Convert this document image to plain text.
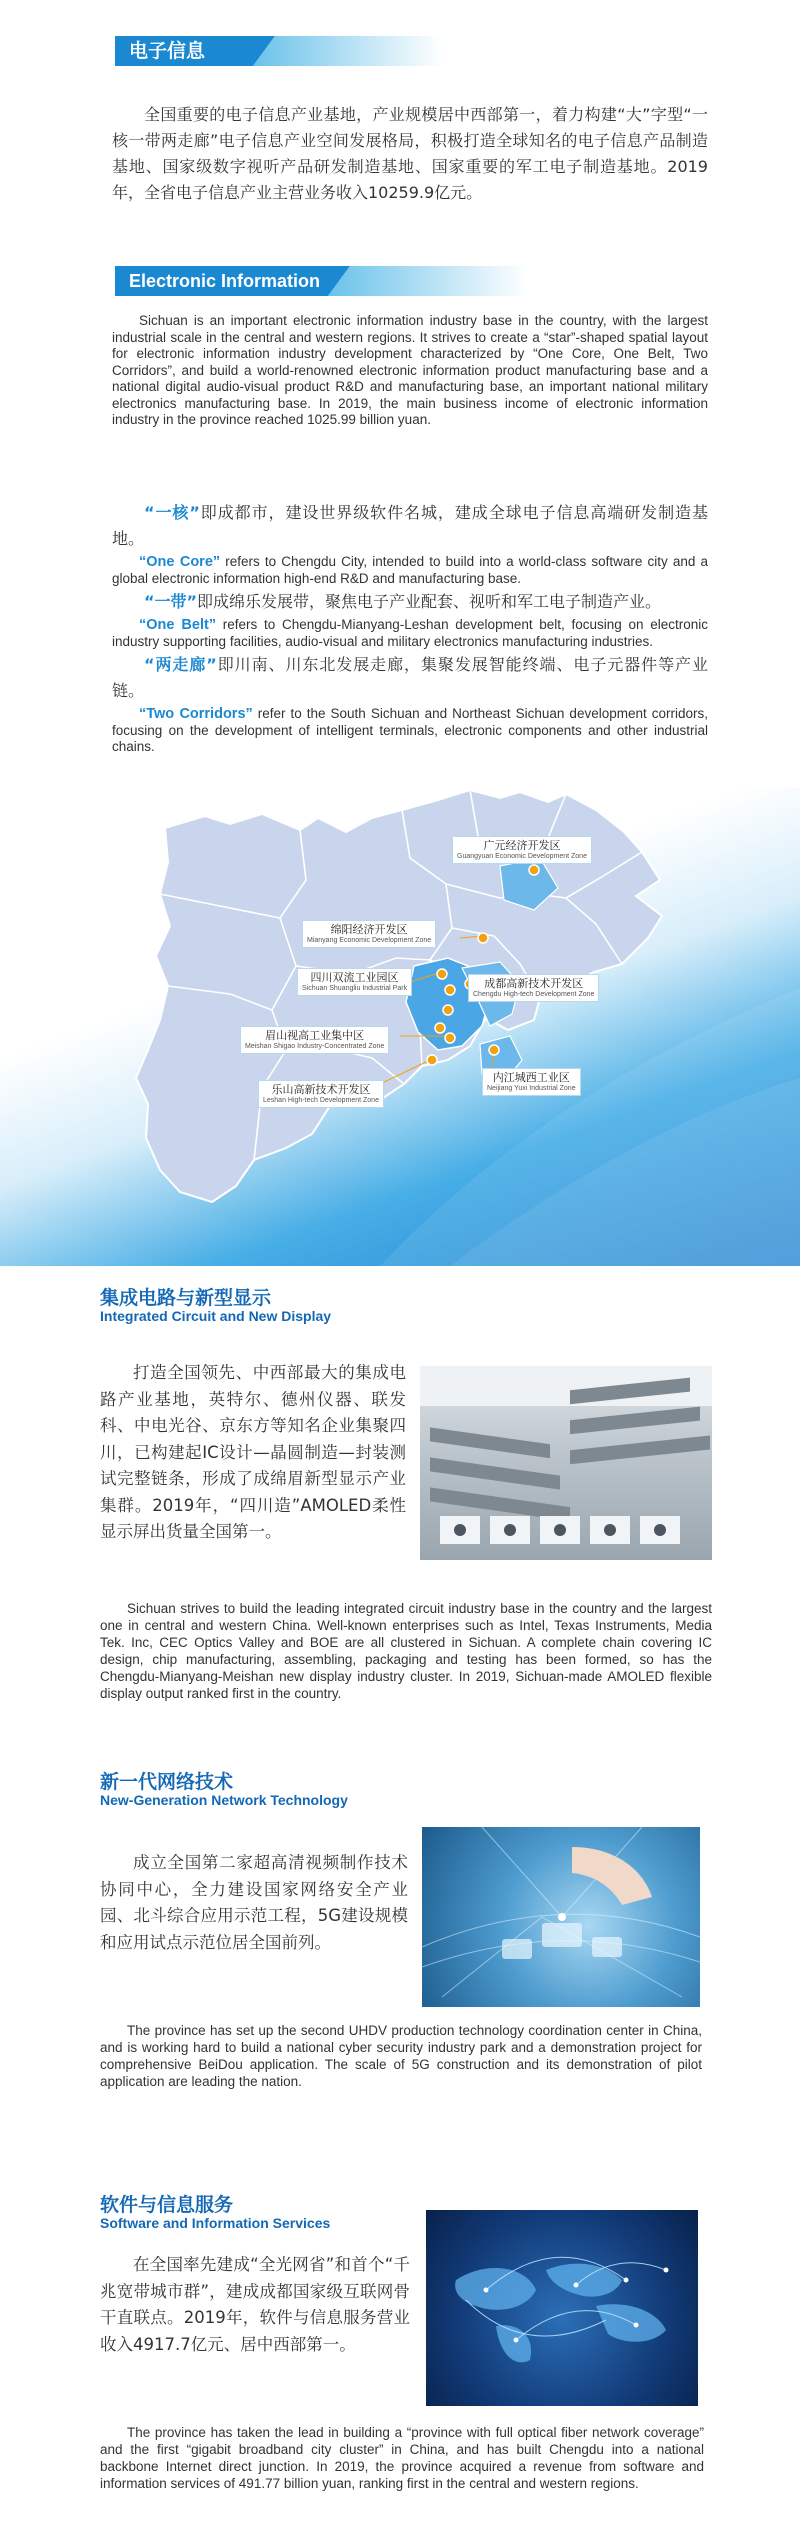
电子信息

全国重要的电子信息产业基地，产业规模居中西部第一，着力构建“大”字型“一核一带两走廊”电子信息产业空间发展格局，积极打造全球知名的电子信息产品制造基地、国家级数字视听产品研发制造基地、国家重要的军工电子制造基地。2019年，全省电子信息产业主营业务收入10259.9亿元。

Electronic Information

Sichuan is an important electronic information industry base in the country, with the largest industrial scale in the central and western regions. It strives to create a “star”-shaped spatial layout for electronic information industry development characterized by “One Core, One Belt, Two Corridors”, and build a world-renowned electronic information product manufacturing base and a national digital audio-visual product R&D and manufacturing base, an important national military electronics manufacturing base. In 2019, the main business income of electronic information industry in the province reached 1025.99 billion yuan.

“一核”即成都市，建设世界级软件名城，建成全球电子信息高端研发制造基地。

“One Core” refers to Chengdu City, intended to build into a world-class software city and a global electronic information high-end R&D and manufacturing base.

“一带”即成绵乐发展带，聚焦电子产业配套、视听和军工电子制造产业。

“One Belt” refers to Chengdu-Mianyang-Leshan development belt, focusing on electronic industry supporting facilities, audio-visual and military electronics manufacturing industries.

“两走廊”即川南、川东北发展走廊，集聚发展智能终端、电子元器件等产业链。

“Two Corridors” refer to the South Sichuan and Northeast Sichuan development corridors, focusing on the development of intelligent terminals, electronic components and other industrial chains.

广元经济开发区
Guangyuan Economic Development Zone
绵阳经济开发区
Mianyang Economic Development Zone
四川双流工业园区
Sichuan Shuangliu Industrial Park	成都高新技术开发区
Chengdu High-tech Development Zone
眉山视高工业集中区
Meishan Shigao Industry-Concentrated Zone
内江城西工业区
Neijiang Yuxi Industrial Zone
乐山高新技术开发区
Leshan High-tech Development Zone
集成电路与新型显示
Integrated Circuit and New Display

打造全国领先、中西部最大的集成电路产业基地，英特尔、德州仪器、联发科、中电光谷、京东方等知名企业集聚四川，已构建起IC设计—晶圆制造—封装测试完整链条，形成了成绵眉新型显示产业集群。2019年，“四川造”AMOLED柔性显示屏出货量全国第一。

Sichuan strives to build the leading integrated circuit industry base in the country and the largest one in central and western China. Well-known enterprises such as Intel, Texas Instruments, Media Tek. Inc, CEC Optics Valley and BOE are all clustered in Sichuan. A complete chain covering IC design, chip manufacturing, assembling, packaging and testing has been formed, so has the Chengdu-Mianyang-Meishan new display industry cluster. In 2019, Sichuan-made AMOLED flexible display output ranked first in the country.

新一代网络技术
New-Generation Network Technology

成立全国第二家超高清视频制作技术协同中心，全力建设国家网络安全产业园、北斗综合应用示范工程，5G建设规模和应用试点示范位居全国前列。

The province has set up the second UHDV production technology coordination center in China, and is working hard to build a national cyber security industry park and a demonstration project for comprehensive BeiDou application. The scale of 5G construction and its demonstration of pilot application are leading the nation.

软件与信息服务
Software and Information Services

在全国率先建成“全光网省”和首个“千兆宽带城市群”，建成成都国家级互联网骨干直联点。2019年，软件与信息服务营业收入4917.7亿元、居中西部第一。

The province has taken the lead in building a “province with full optical fiber network coverage” and the first “gigabit broadband city cluster” in China, and has built Chengdu into a national backbone Internet direct junction. In 2019, the province acquired a revenue from software and information services of 491.77 billion yuan, ranking first in the central and western regions.
